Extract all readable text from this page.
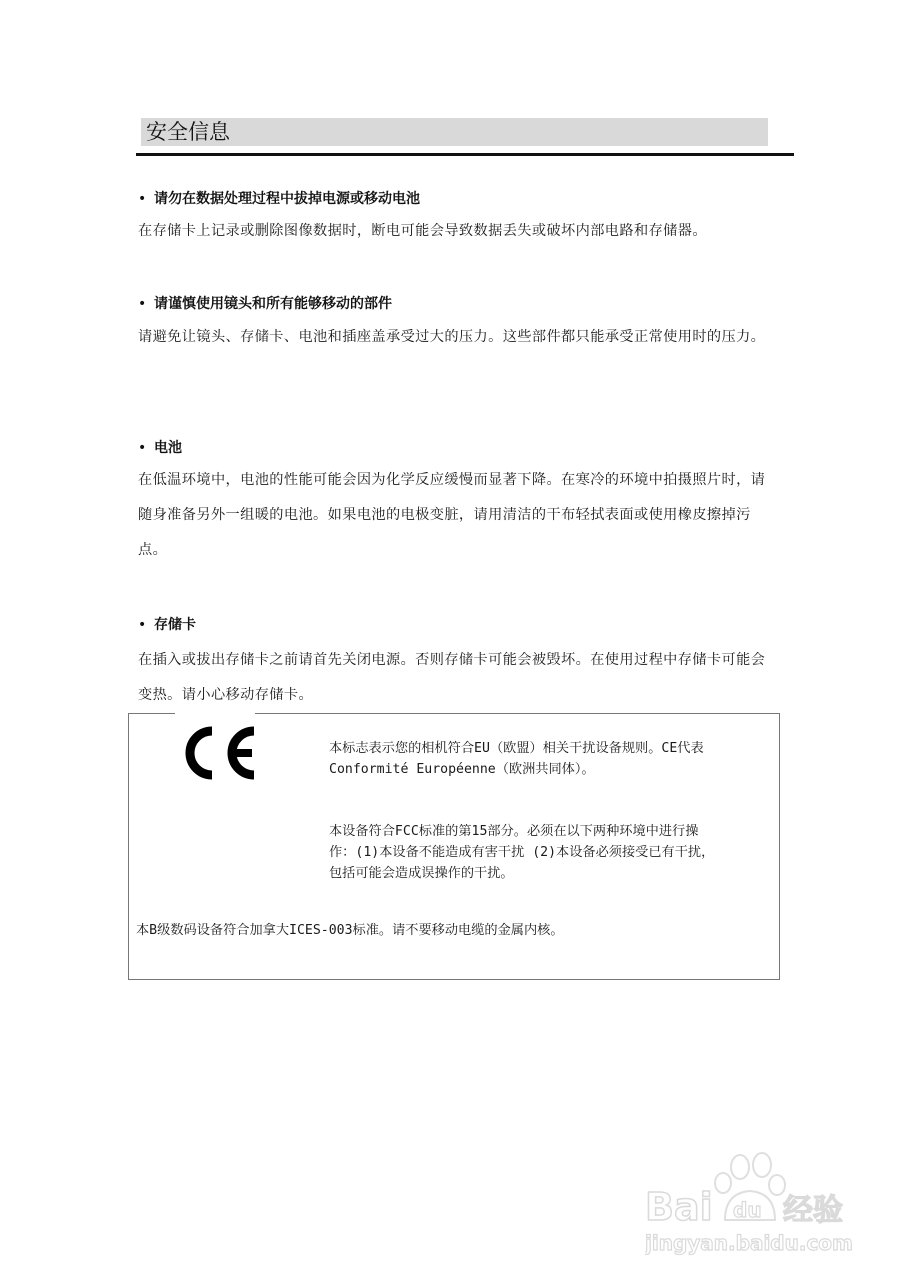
安全信息
• 请勿在数据处理过程中拔掉电源或移动电池
在存储卡上记录或删除图像数据时，断电可能会导致数据丢失或破坏内部电路和存储器。
• 请谨慎使用镜头和所有能够移动的部件
请避免让镜头、存储卡、电池和插座盖承受过大的压力。这些部件都只能承受正常使用时的压力。
• 电池
在低温环境中，电池的性能可能会因为化学反应缓慢而显著下降。在寒冷的环境中拍摄照片时，请随身准备另外一组暖的电池。如果电池的电极变脏，请用清洁的干布轻拭表面或使用橡皮擦掉污点。
• 存储卡
在插入或拔出存储卡之前请首先关闭电源。否则存储卡可能会被毁坏。在使用过程中存储卡可能会变热。请小心移动存储卡。
本标志表示您的相机符合EU（欧盟）相关干扰设备规则。CE代表
Conformité Européenne（欧洲共同体）。
本设备符合FCC标准的第15部分。必须在以下两种环境中进行操
作：(1)本设备不能造成有害干扰 (2)本设备必须接受已有干扰，
包括可能会造成误操作的干扰。
本B级数码设备符合加拿大ICES-003标准。请不要移动电缆的金属内核。
Bai du 经验
jingyan.baidu.com
